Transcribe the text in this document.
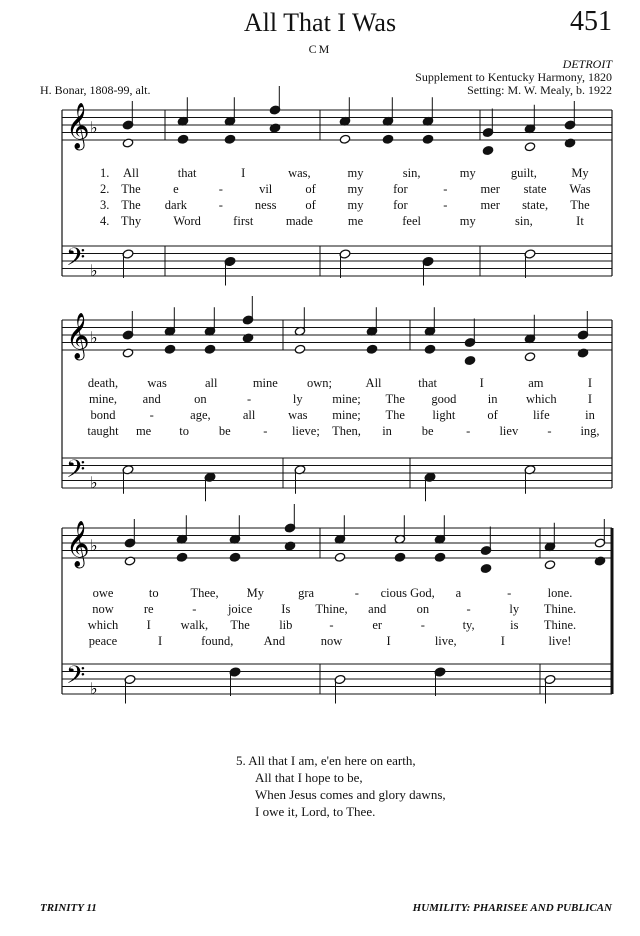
All That I Was	451
CM
DETROIT
Supplement to Kentucky Harmony, 1820
Setting: M. W. Mealy, b. 1922
H. Bonar, 1808-99, alt.
𝄞
𝄢
♭
♭
𝄞
𝄢
♭
♭
𝄞
𝄢
♭
♭
1.
2.
3.
4.
All	that	I	was,	my	sin,	my	guilt,	My
The	e	-	vil	of	my for	-	mer state Was
The dark	-	ness of	my for	-	mer state, The
Thy	Word	first	made	me	feel	my	sin,	It
death, was	all	mine own;	All	that	I	am	I
mine, and	on	-	ly mine; The good	in which	I
bond	-	age,	all	was mine; The light	of	life	in
taught me to be	- lieve; Then, in be	- liev - ing,
owe	to	Thee, My	gra	- cious God, a	-	lone.
now re	-	joice Is Thine, and on	-	ly Thine.
which I walk, The lib	-	er	-	ty,	is Thine.
peace	I	found, And	now	I	live,	I	live!
5. All that I am, e'en here on earth,
All that I hope to be,
When Jesus comes and glory dawns,
I owe it, Lord, to Thee.
TRINITY 11	HUMILITY: PHARISEE AND PUBLICAN
